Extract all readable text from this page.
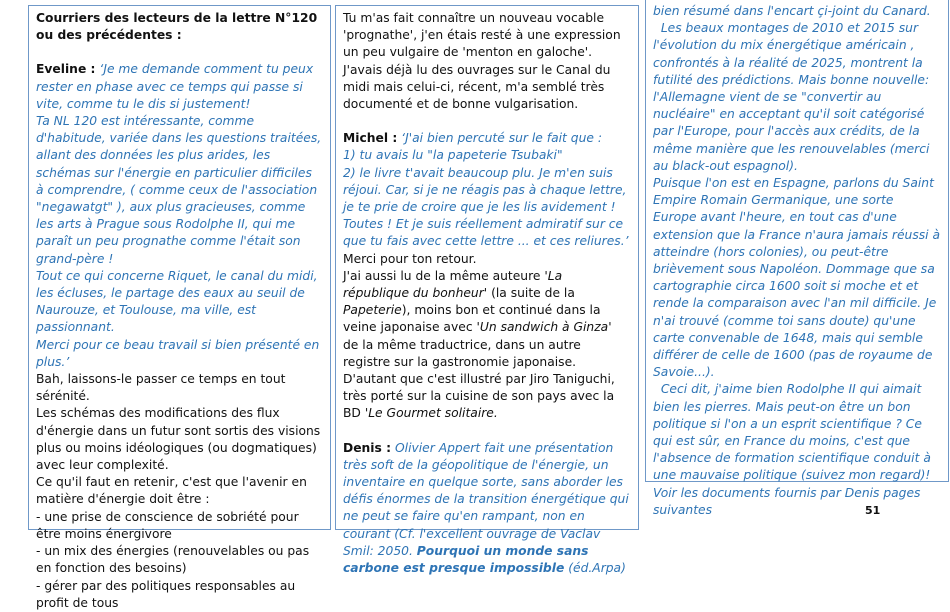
Courriers des lecteurs de la lettre N°120 ou des précédentes :

Eveline : ‘Je me demande comment tu peux rester en phase avec ce temps qui passe si vite, comme tu le dis si justement!

Ta NL 120 est intéressante, comme d'habitude, variée dans les questions traitées, allant des données les plus arides, les schémas sur l'énergie en particulier difficiles à comprendre, ( comme ceux de l'association "negawatgt" ), aux plus gracieuses, comme les arts à Prague sous Rodolphe II, qui me paraît un peu prognathe comme l'était son grand-père !

Tout ce qui concerne Riquet, le canal du midi, les écluses, le partage des eaux au seuil de Naurouze, et Toulouse, ma ville, est passionnant.

Merci pour ce beau travail si bien présenté en plus.’

Bah, laissons-le passer ce temps en tout sérénité.

Les schémas des modifications des flux d'énergie dans un futur sont sortis des visions plus ou moins idéologiques (ou dogmatiques) avec leur complexité.

Ce qu'il faut en retenir, c'est que l'avenir en matière d'énergie doit être :

- une prise de conscience de sobriété pour être moins énergivore

- un mix des énergies (renouvelables ou pas en fonction des besoins)

- gérer par des politiques responsables au profit de tous

Tu m'as fait connaître un nouveau vocable 'prognathe', j'en étais resté à une expression un peu vulgaire de 'menton en galoche'.

J'avais déjà lu des ouvrages sur le Canal du midi mais celui-ci, récent, m'a semblé très documenté et de bonne vulgarisation.

Michel : ‘J'ai bien percuté sur le fait que :

1) tu avais lu "la papeterie Tsubaki"

2) le livre t'avait beaucoup plu. Je m'en suis réjoui. Car, si je ne réagis pas à chaque lettre, je te prie de croire que je les lis avidement ! Toutes ! Et je suis réellement admiratif sur ce que tu fais avec cette lettre ... et ces reliures.’

Merci pour ton retour.

J'ai aussi lu de la même auteure 'La république du bonheur' (la suite de la Papeterie), moins bon et continué dans la veine japonaise avec 'Un sandwich à Ginza' de la même traductrice, dans un autre registre sur la gastronomie japonaise.

D'autant que c'est illustré par Jiro Taniguchi, très porté sur la cuisine de son pays avec la BD 'Le Gourmet solitaire.

Denis : Olivier Appert fait une présentation très soft de la géopolitique de l'énergie, un inventaire en quelque sorte, sans aborder les défis énormes de la transition énergétique qui ne peut se faire qu'en rampant, non en courant (Cf. l'excellent ouvrage de Vaclav Smil: 2050. Pourquoi un monde sans carbone est presque impossible (éd.Arpa)

bien résumé dans l'encart çi-joint du Canard.

Les beaux montages de 2010 et 2015 sur l'évolution du mix énergétique américain , confrontés à la réalité de 2025, montrent la futilité des prédictions. Mais bonne nouvelle: l'Allemagne vient de se "convertir au nucléaire" en acceptant qu'il soit catégorisé par l'Europe, pour l'accès aux crédits, de la même manière que les renouvelables (merci au black-out espagnol).

Puisque l'on est en Espagne, parlons du Saint Empire Romain Germanique, une sorte Europe avant l'heure, en tout cas d'une extension que la France n'aura jamais réussi à atteindre (hors colonies), ou peut-être brièvement sous Napoléon. Dommage que sa cartographie circa 1600 soit si moche et et rende la comparaison avec l'an mil difficile. Je n'ai trouvé (comme toi sans doute) qu'une carte convenable de 1648, mais qui semble différer de celle de 1600 (pas de royaume de Savoie...).

Ceci dit, j'aime bien Rodolphe II qui aimait bien les pierres. Mais peut-on être un bon politique si l'on a un esprit scientifique ? Ce qui est sûr, en France du moins, c'est que l'absence de formation scientifique conduit à une mauvaise politique (suivez mon regard)!

Voir les documents fournis par Denis pages suivantes	51
